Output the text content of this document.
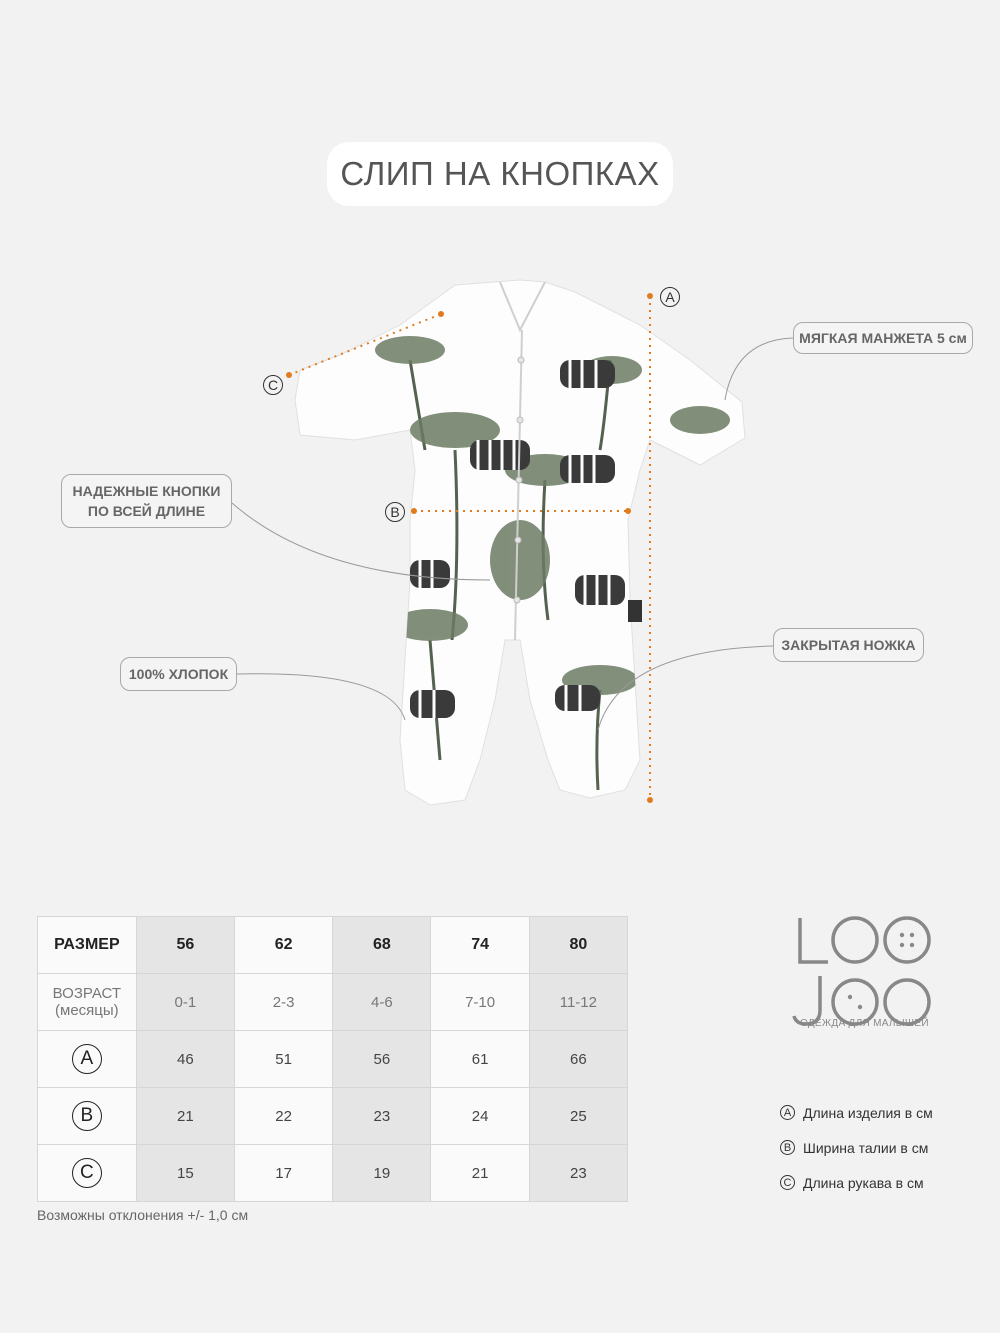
СЛИП НА КНОПКАХ
A
B
C
МЯГКАЯ МАНЖЕТА 5 см
НАДЕЖНЫЕ КНОПКИ
ПО ВСЕЙ ДЛИНЕ
ЗАКРЫТАЯ НОЖКА
100% ХЛОПОК
РАЗМЕР	56	62	68	74	80

ВОЗРАСТ
(месяцы)	0-1	2-3	4-6	7-10	11-12
A	46	51	56	61	66
B	21	22	23	24	25
C	15	17	19	21	23
Возможны отклонения +/- 1,0 см
ОДЕЖДА ДЛЯ МАЛЫШЕЙ
A Длина изделия в см
B Ширина талии в см
C Длина рукава в см
